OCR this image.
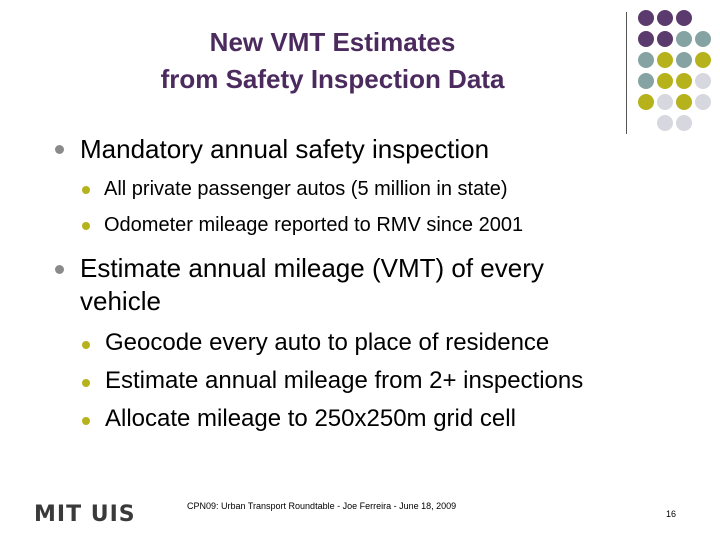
New VMT Estimates
from Safety Inspection Data
Mandatory annual safety inspection
All private passenger autos (5 million in state)
Odometer mileage reported to RMV since 2001
Estimate annual mileage (VMT) of every
vehicle
Geocode every auto to place of residence
Estimate annual mileage from 2+ inspections
Allocate mileage to 250x250m grid cell
MIT UIS	CPN09: Urban Transport Roundtable - Joe Ferreira - June 18, 2009
16
